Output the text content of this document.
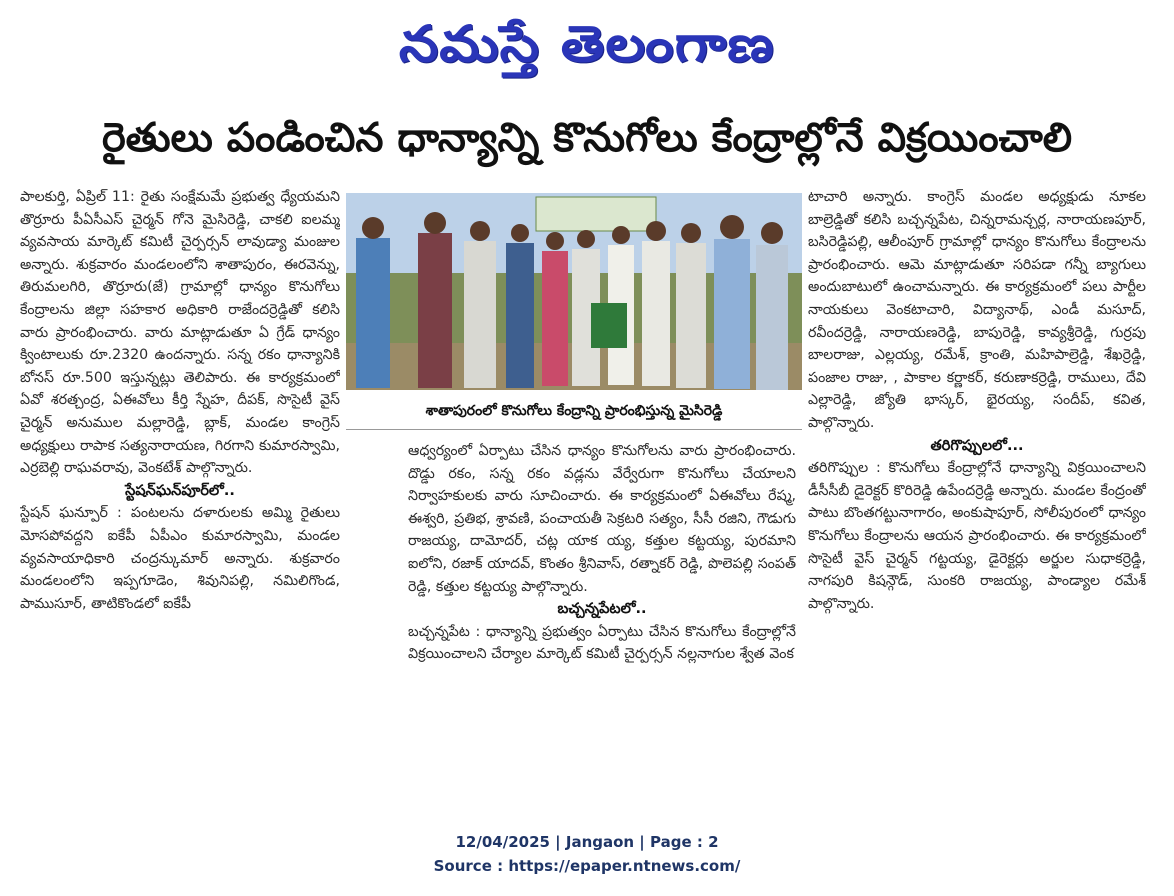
నమస్తే తెలంగాణ
రైతులు పండించిన ధాన్యాన్ని కొనుగోలు కేంద్రాల్లోనే విక్రయించాలి

పాలకుర్తి, ఏప్రిల్ 11: రైతు సంక్షేమమే ప్రభుత్వ ధ్యేయమని తొర్రూరు పీఏసీఎస్ చైర్మన్ గోనె మైసిరెడ్డి, చాకలి ఐలమ్మ వ్యవసాయ మార్కెట్ కమిటీ చైర్పర్సన్ లావుడ్యా మంజుల అన్నారు. శుక్రవారం మండలంలోని శాతాపురం, ఈరవెన్ను, తిరుమలగిరి, తొర్రూరు(జే) గ్రామాల్లో ధాన్యం కొనుగోలు కేంద్రాలను జిల్లా సహకార అధికారి రాజేందర్రెడ్డితో కలిసి వారు ప్రారంభించారు. వారు మాట్లాడుతూ ఏ గ్రేడ్ ధాన్యం క్వింటాలుకు రూ.2320 ఉందన్నారు. సన్న రకం ధాన్యానికి బోనస్ రూ.500 ఇస్తున్నట్లు తెలిపారు. ఈ కార్యక్రమంలో ఏవో శరత్చంద్ర, ఏఈవోలు కీర్తి స్నేహ, దీపక్, సొసైటీ వైస్ చైర్మన్ అనుముల మల్లారెడ్డి, బ్లాక్, మండల కాంగ్రెస్ అధ్యక్షులు రాపాక సత్యనారాయణ, గిరగాని కుమారస్వామి, ఎర్రబెల్లి రాఘవరావు, వెంకటేశ్ పాల్గొన్నారు.

స్టేషన్‌ఘన్‌పూర్‌లో..

స్టేషన్ ఘన్పూర్ : పంటలను దళారులకు అమ్మి రైతులు మోసపోవద్దని ఐకేపీ ఏపీఎం కుమారస్వామి, మండల వ్యవసాయాధికారి చంద్రన్కుమార్ అన్నారు. శుక్రవారం మండలంలోని ఇప్పగూడెం, శివునిపల్లి, నమిలిగొండ, పాముసూర్, తాటికొండలో ఐకేపీ

శాతాపురంలో కొనుగోలు కేంద్రాన్ని ప్రారంభిస్తున్న మైసిరెడ్డి

ఆధ్వర్యంలో ఏర్పాటు చేసిన ధాన్యం కొనుగోలను వారు ప్రారంభించారు. దొడ్డు రకం, సన్న రకం వడ్లను వేర్వేరుగా కొనుగోలు చేయాలని నిర్వాహకులకు వారు సూచించారు. ఈ కార్యక్రమంలో ఏఈవోలు రేష్మ, ఈశ్వరి, ప్రతిభ, శ్రావణి, పంచాయతీ సెక్రటరి సత్యం, సీసీ రజిని, గౌడుగు రాజయ్య, దామోదర్, చట్ల యాక య్య, కత్తుల కట్టయ్య, పురమాని ఐలోని, రజాక్ యాదవ్, కొంతం శ్రీనివాస్, రత్నాకర్ రెడ్డి, పొలెపల్లి సంపత్ రెడ్డి, కత్తుల కట్టయ్య పాల్గొన్నారు.

బచ్చన్నపేటలో..

బచ్చన్నపేట : ధాన్యాన్ని ప్రభుత్వం ఏర్పాటు చేసిన కొనుగోలు కేంద్రాల్లోనే విక్రయించాలని చేర్యాల మార్కెట్ కమిటీ చైర్పర్సన్ నల్లనాగుల శ్వేత వెంక

టాచారి అన్నారు. కాంగ్రెస్ మండల అధ్యక్షుడు నూకల బాల్రెడ్డితో కలిసి బచ్చన్నపేట, చిన్నరామన్చర్ల, నారాయణపూర్, బసిరెడ్డిపల్లి, ఆలీంపూర్ గ్రామాల్లో ధాన్యం కొనుగోలు కేంద్రాలను ప్రారంభించారు. ఆమె మాట్లాడుతూ సరిపడా గన్నీ బ్యాగులు అందుబాటులో ఉంచామన్నారు. ఈ కార్యక్రమంలో పలు పార్టీల నాయకులు వెంకటాచారి, విద్యానాథ్, ఎండీ మసూద్, రవీందర్రెడ్డి, నారాయణరెడ్డి, బాపురెడ్డి, కావ్యశ్రీరెడ్డి, గుర్రపు బాలరాజు, ఎల్లయ్య, రమేశ్, క్రాంతి, మహిపాల్రెడ్డి, శేఖర్రెడ్డి, పంజాల రాజు, , పాకాల కర్ణాకర్, కరుణాకర్రెడ్డి, రాములు, దేవి ఎల్లారెడ్డి, జ్యోతి భాస్కర్, భైరయ్య, సందీప్, కవిత, పాల్గొన్నారు.

తరిగొప్పులలో...

తరిగొప్పుల : కొనుగోలు కేంద్రాల్లోనే ధాన్యాన్ని విక్రయించాలని డీసీసీబీ డైరెక్టర్ కొరిరెడ్డి ఉపేందర్రెడ్డి అన్నారు. మండల కేంద్రంతో పాటు బొంతగట్టునాగారం, అంకుషాపూర్, సోలీపురంలో ధాన్యం కొనుగోలు కేంద్రాలను ఆయన ప్రారంభించారు. ఈ కార్యక్రమంలో సొసైటీ వైస్ చైర్మన్ గట్టయ్య, డైరెక్టర్లు అర్జుల సుధాకర్రెడ్డి, నాగపురి కిషన్గౌడ్, సుంకరి రాజయ్య, పాండ్యాల రమేశ్ పాల్గొన్నారు.

12/04/2025 | Jangaon | Page : 2
Source : https://epaper.ntnews.com/
